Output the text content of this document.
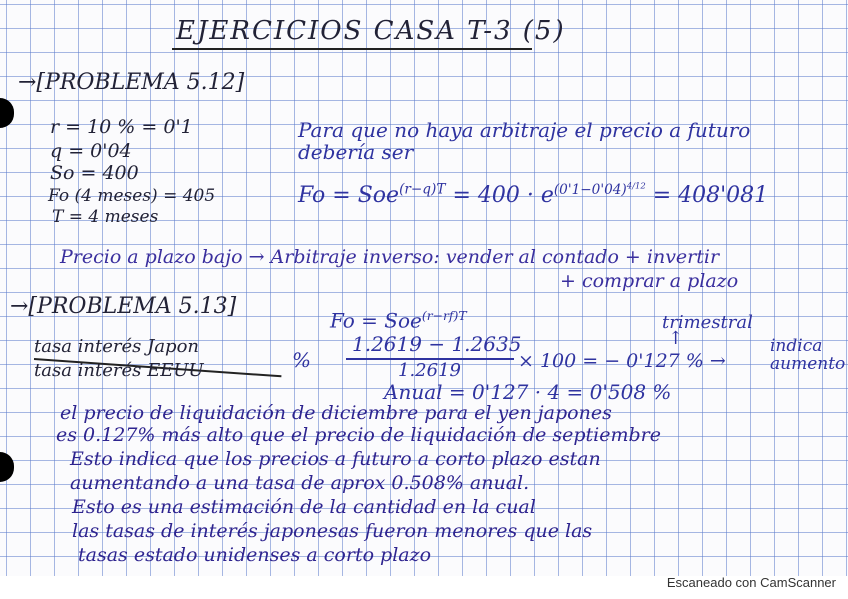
EJERCICIOS CASA T-3 (5)
→[PROBLEMA 5.12]
r = 10 % = 0'1
q = 0'04
So = 400
Fo (4 meses) = 405
T = 4 meses
Para que no haya arbitraje el precio a futuro
debería ser
$Fo = Soe^{(r-q)T} = 400 \cdot e^{(0'1-0'04)^{4/12}} = 408'081$
Precio a plazo bajo → Arbitraje inverso: vender al contado + invertir
+ comprar a plazo
→[PROBLEMA 5.13]
Fo = Soe$^{(r-rf)T}$	trimestral
↑
tasa interés Japon
tasa interés EEUU	%
1.2619 − 1.2635
1.2619	× 100 = − 0'127 % →
indica
aumento
Anual = 0'127 · 4 = 0'508 %
el precio de liquidación de diciembre para el yen japones
es 0.127% más alto que el precio de liquidación de septiembre
Esto indica que los precios a futuro a corto plazo estan
aumentando a una tasa de aprox 0.508% anual.
Esto es una estimación de la cantidad en la cual
las tasas de interés japonesas fueron menores que las
tasas estado unidenses a corto plazo
Escaneado con CamScanner
